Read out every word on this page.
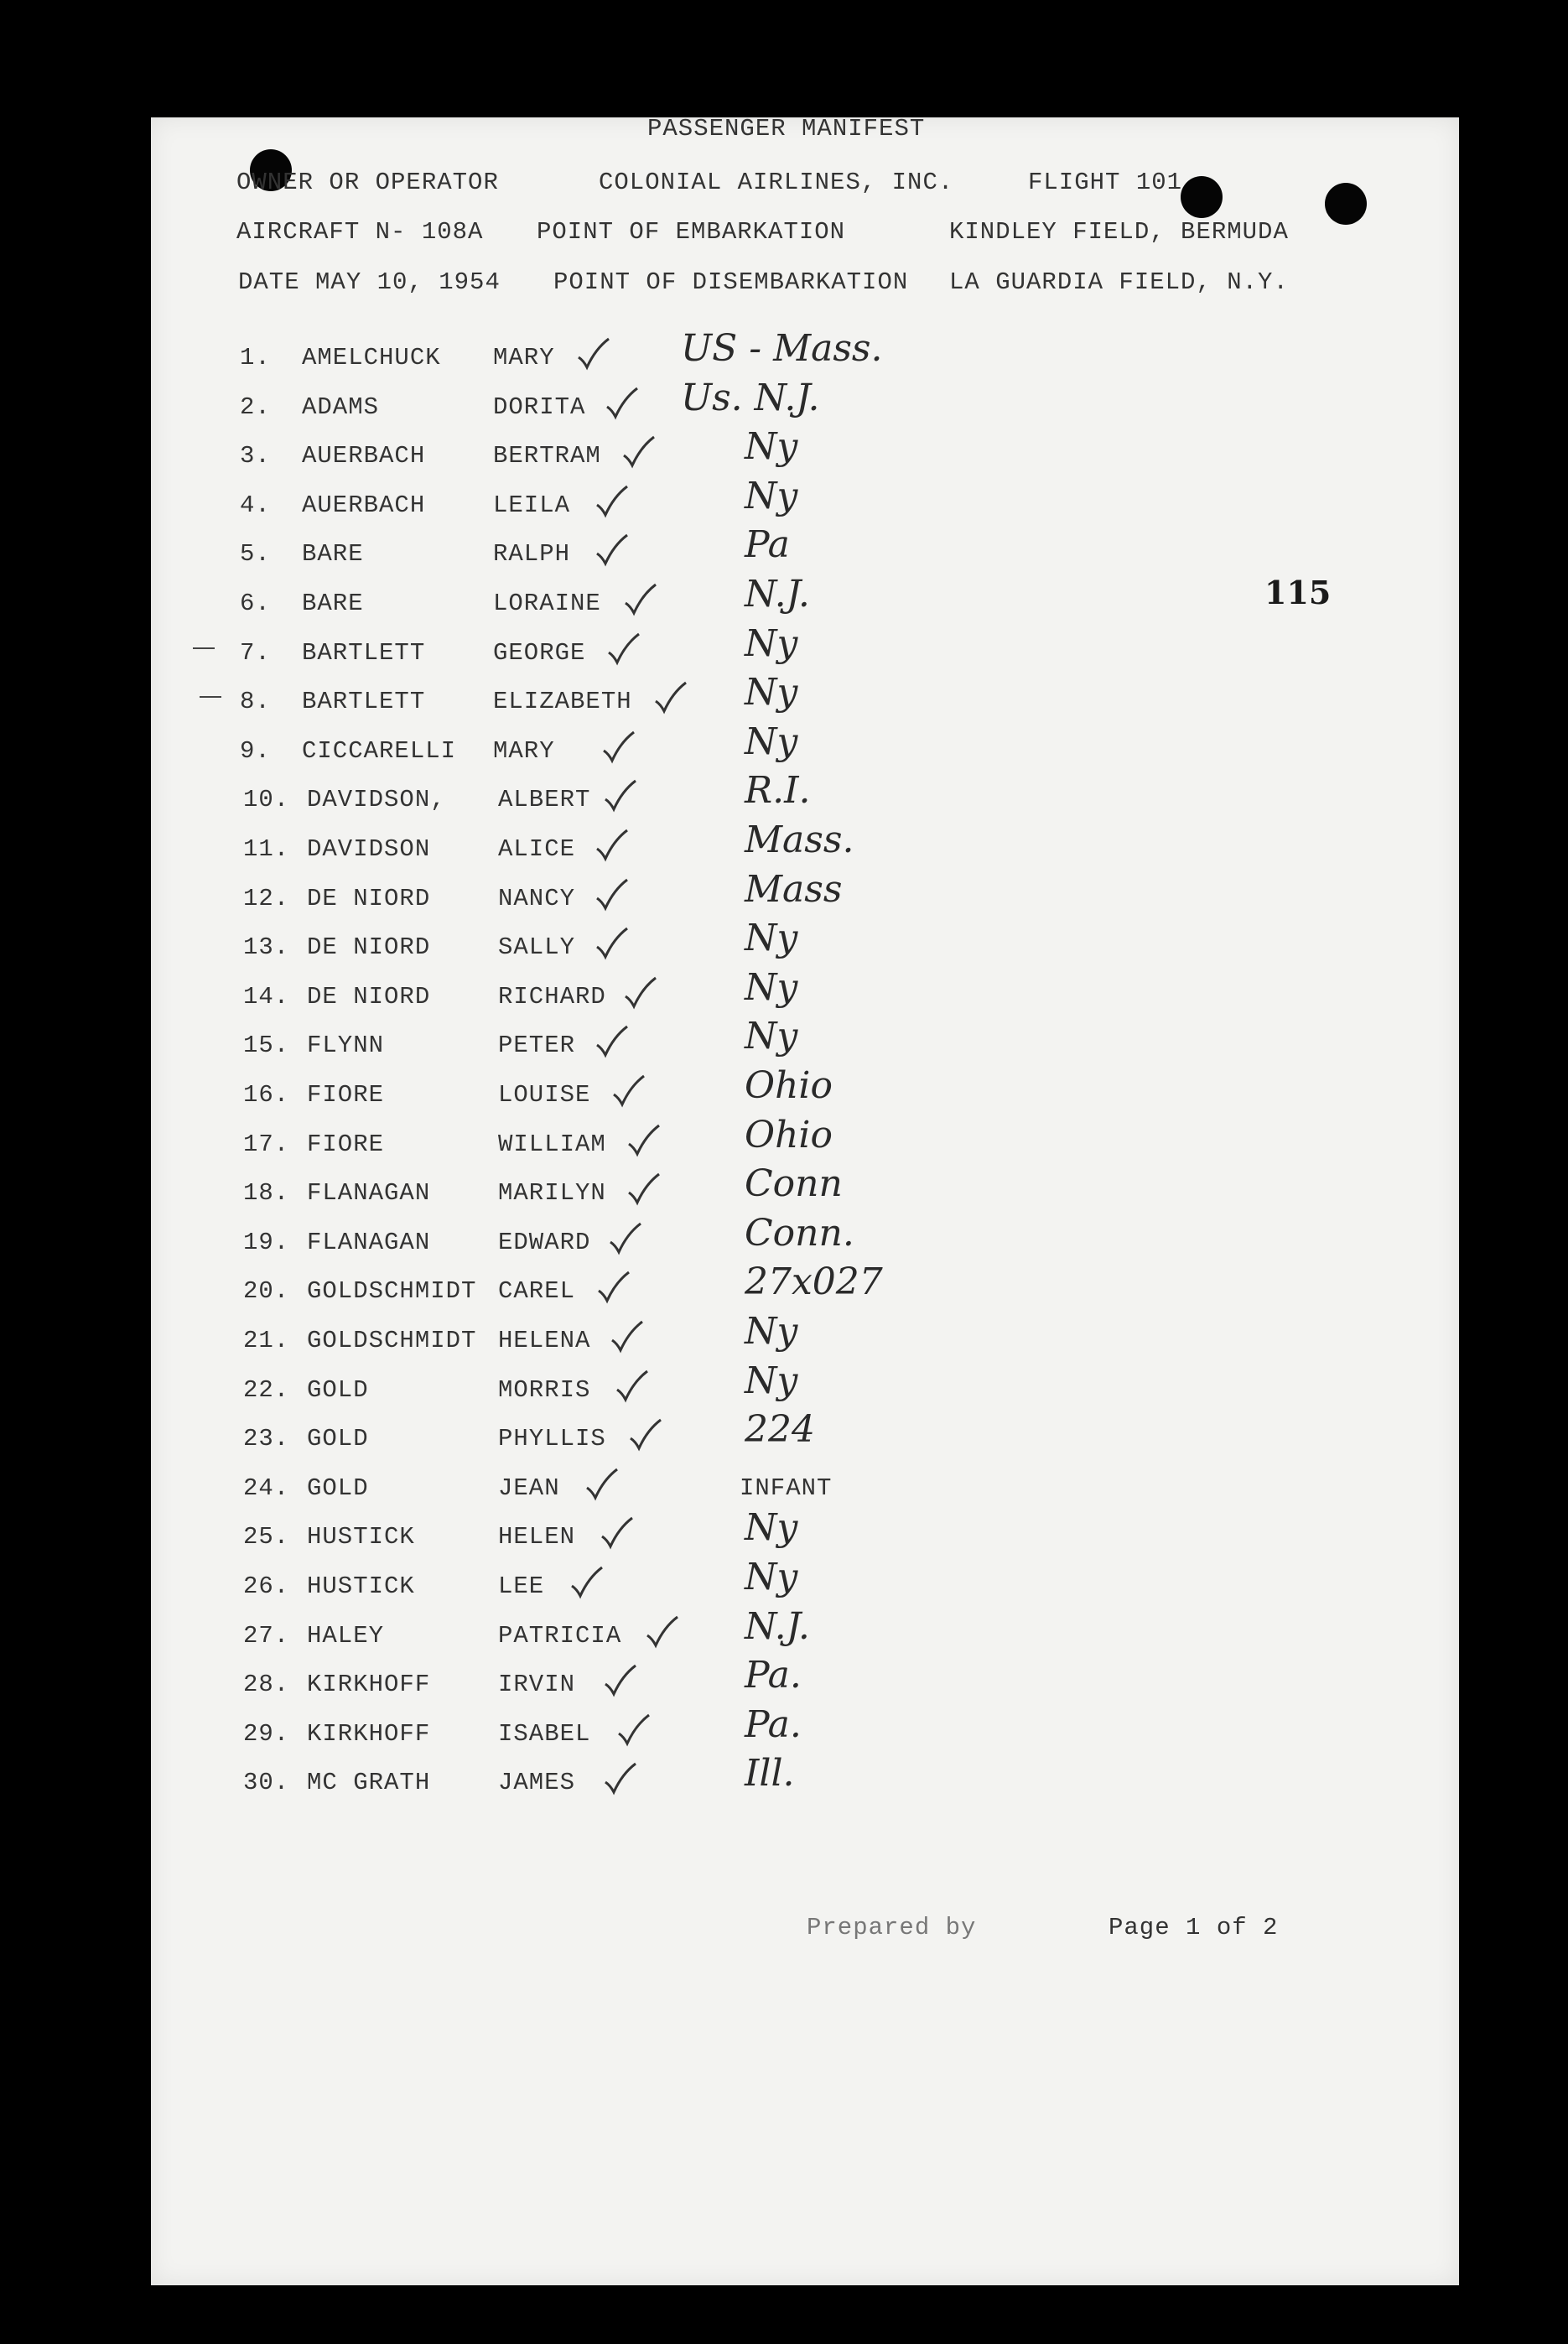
PASSENGER MANIFEST
OWNER OR OPERATOR	COLONIAL AIRLINES, INC.	FLIGHT 101
AIRCRAFT N- 108A POINT OF EMBARKATION	KINDLEY FIELD, BERMUDA
DATE MAY 10, 1954 POINT OF DISEMBARKATION LA GUARDIA FIELD, N.Y.
115
1. AMELCHUCK MARY	US - Mass.
2. ADAMS	DORITA	Us. N.J.
3. AUERBACH	BERTRAM	Ny
4. AUERBACH	LEILA	Ny
5. BARE	RALPH	Pa
6. BARE	LORAINE	N.J.
7. BARTLETT	GEORGE	Ny
8. BARTLETT	ELIZABETH	Ny
9. CICCARELLI MARY	Ny
10. DAVIDSON, ALBERT	R.I.
11. DAVIDSON	ALICE	Mass.
12. DE NIORD	NANCY	Mass
13. DE NIORD	SALLY	Ny
14. DE NIORD	RICHARD	Ny
15. FLYNN	PETER	Ny
16. FIORE	LOUISE	Ohio
17. FIORE	WILLIAM	Ohio
18. FLANAGAN	MARILYN	Conn
19. FLANAGAN	EDWARD	Conn.
20. GOLDSCHMIDT CAREL	27x027
21. GOLDSCHMIDT HELENA	Ny
22. GOLD	MORRIS	Ny
23. GOLD	PHYLLIS	224
24. GOLD	JEAN	INFANT
25. HUSTICK	HELEN	Ny
26. HUSTICK	LEE	Ny
27. HALEY	PATRICIA	N.J.
28. KIRKHOFF	IRVIN	Pa.
29. KIRKHOFF	ISABEL	Pa.
30. MC GRATH	JAMES	Ill.
Prepared by	Page 1 of 2
